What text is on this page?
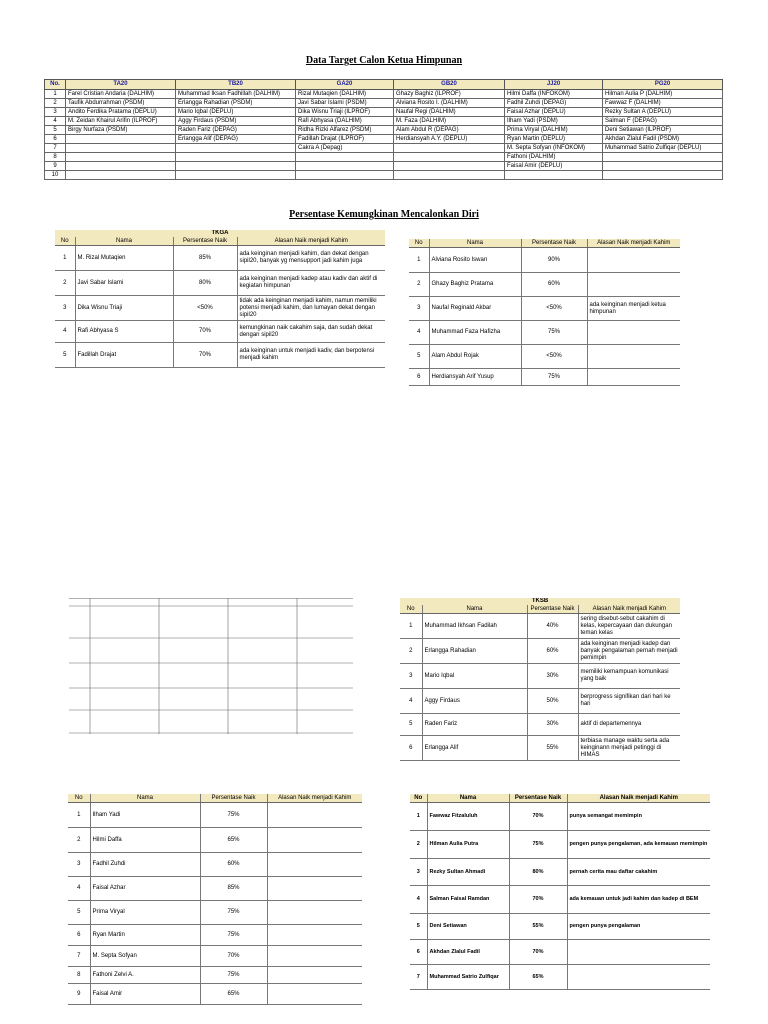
Data Target Calon Ketua Himpunan
No.	TA20	TB20	GA20	GB20	JJ20	PG20
1	Farel Cristian Andaria (DALHIM)	Muhammad Iksan Fadhillah (DALHIM)	Rizal Mutaqien (DALHIM)	Ghazy Baghiz (ILPROF)	Hilmi Daffa (INFOKOM)	Hilman Aulia P (DALHIM)
2	Taufik Abdurrahman (PSDM)	Erlangga Rahadian (PSDM)	Javi Sabar Islami (PSDM)	Alviana Rosito I. (DALHIM)	Fadhil Zuhdi (DEPAG)	Fawwaz F (DALHIM)
3	Andito Ferdika Pratama (DEPLU)	Mario Iqbal (DEPLU)	Dika Wisnu Triaji (ILPROF)	Naufal Regi (DALHIM)	Faisal Azhar (DEPLU)	Rezky Sultan A (DEPLU)
4	M. Zeidan Khairul Arifin (ILPROF)	Aggy Firdaus (PSDM)	Rafi Abhyasa (DALHIM)	M. Faza (DALHIM)	Ilham Yadi (PSDM)	Salman F (DEPAG)
5	Birgy Nurfaza (PSDM)	Raden Fariz (DEPAG)	Ridha Rizki Alfarez (PSDM)	Alam Abdul R (DEPAG)	Prima Viryal (DALHIM)	Deni Setiawan (ILPROF)
6		Erlangga Alif (DEPAG)	Fadillah Drajat (ILPROF)	Herdiansyah A.Y. (DEPLU)	Ryan Martin (DEPLU)	Akhdan Zlalul Fadil (PSDM)
7			Cakra A (Depag)		M. Septa Sofyan (INFOKOM)	Muhammad Satrio Zulfiqar (DEPLU)
8					Fathoni (DALHIM)	
9					Faisal Amir (DEPLU)	
10						
Persentase Kemungkinan Mencalonkan Diri
TKGA			
No	Nama	Persentase Naik	Alasan Naik menjadi Kahim
1	M. Rizal Mutaqien	85%	ada keinginan menjadi kahim, dan dekat dengan sipil20, banyak yg mensupport jadi kahim juga
2	Javi Sabar Islami	80%	ada keinginan menjadi kadep atau kadiv dan aktif di kegiatan himpunan
3	Dika Wisnu Triaji	<50%	tidak ada keinginan menjadi kahim, namun memiliki potensi menjadi kahim, dan lumayan dekat dengan sipil20
4	Rafi Abhyasa S	70%	kemungkinan naik cakahim saja, dan sudah dekat dengan sipil20
5	Fadillah Drajat	70%	ada keinginan untuk menjadi kadiv, dan berpotensi menjadi kahim
No	Nama	Persentase Naik	Alasan Naik menjadi Kahim
1	Alviana Rosito Iswan	90%	
2	Ghazy Baghiz Pratama	60%	
3	Naufal Reginald Akbar	<50%	ada keinginan menjadi ketua himpunan
4	Muhammad Faza Hafizha	75%	
5	Alam Abdul Rojak	<50%	
6	Herdiansyah Arif Yusup	75%	
TKSB			
No	Nama	Persentase Naik	Alasan Naik menjadi Kahim
1	Muhammad Ikhsan Fadilah	40%	sering disebut-sebut cakahim di kelas, kepercayaan dan dukungan teman kelas
2	Erlangga Rahadian	60%	ada keinginan menjadi kadep dan banyak pengalaman pernah menjadi pemimpin
3	Mario Iqbal	30%	memiliki kemampuan komunikasi yang baik
4	Aggy Firdaus	50%	berprogress signifikan dari hari ke hari
5	Raden Fariz	30%	aktif di departemennya
6	Erlangga Alif	55%	terbiasa manage waktu serta ada keinginann menjadi petinggi di HIMAS
No	Nama	Persentase Naik	Alasan Naik menjadi Kahim
1	Ilham Yadi	75%	
2	Hilmi Daffa	65%	
3	Fadhil Zuhdi	60%	
4	Faisal Azhar	85%	
5	Prima Viryal	75%	
6	Ryan Martin	75%	
7	M. Septa Sofyan	70%	
8	Fathoni Zelvi A.	75%	
9	Faisal Amir	65%	
No	Nama	Persentase Naik	Alasan Naik menjadi Kahim
1	Fawwaz Fitzaluluh	70%	punya semangat memimpin
2	Hilman Aulia Putra	75%	pengen punya pengalaman, ada kemauan memimpin
3	Rezky Sultan Ahmadi	80%	pernah cerita mau daftar cakahim
4	Salman Faisal Ramdan	70%	ada kemauan untuk jadi kahim dan kadep di BEM
5	Deni Setiawan	55%	pengen punya pengalaman
6	Akhdan Zlalul Fadil	70%	
7	Muhammad Satrio Zulfiqar	65%	
